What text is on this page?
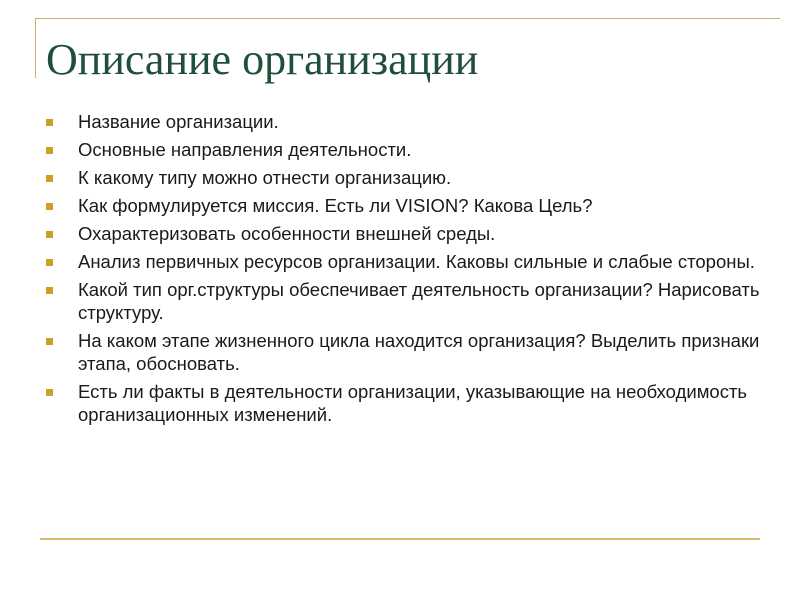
Описание организации
Название организации.
Основные направления деятельности.
К какому типу можно отнести организацию.
Как формулируется миссия. Есть ли VISION? Какова Цель?
Охарактеризовать особенности внешней среды.
Анализ первичных ресурсов организации. Каковы сильные и слабые стороны.
Какой тип орг.структуры обеспечивает деятельность организации? Нарисовать структуру.
На каком этапе жизненного цикла находится организация? Выделить признаки этапа, обосновать.
Есть ли факты в деятельности организации, указывающие на необходимость организационных изменений.
